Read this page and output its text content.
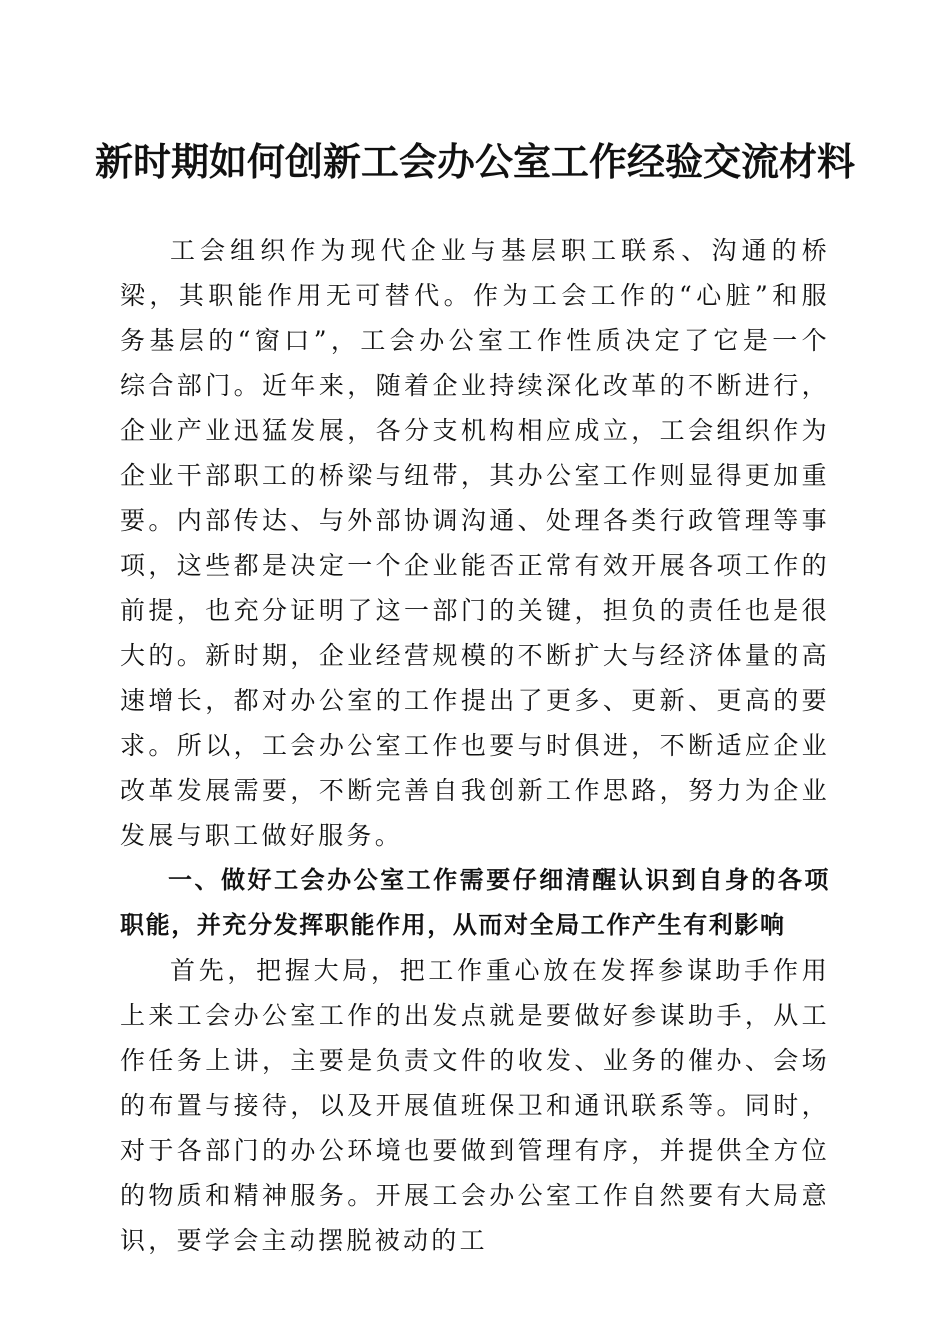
新时期如何创新工会办公室工作经验交流材料

工会组织作为现代企业与基层职工联系、沟通的桥梁，其职能作用无可替代。作为工会工作的“心脏”和服务基层的“窗口”，工会办公室工作性质决定了它是一个综合部门。近年来，随着企业持续深化改革的不断进行，企业产业迅猛发展，各分支机构相应成立，工会组织作为企业干部职工的桥梁与纽带，其办公室工作则显得更加重要。内部传达、与外部协调沟通、处理各类行政管理等事项，这些都是决定一个企业能否正常有效开展各项工作的前提，也充分证明了这一部门的关键，担负的责任也是很大的。新时期，企业经营规模的不断扩大与经济体量的高速增长，都对办公室的工作提出了更多、更新、更高的要求。所以，工会办公室工作也要与时俱进，不断适应企业改革发展需要，不断完善自我创新工作思路，努力为企业发展与职工做好服务。

一、做好工会办公室工作需要仔细清醒认识到自身的各项职能，并充分发挥职能作用，从而对全局工作产生有利影响

首先，把握大局，把工作重心放在发挥参谋助手作用上来工会办公室工作的出发点就是要做好参谋助手，从工作任务上讲，主要是负责文件的收发、业务的催办、会场的布置与接待，以及开展值班保卫和通讯联系等。同时，对于各部门的办公环境也要做到管理有序，并提供全方位的物质和精神服务。开展工会办公室工作自然要有大局意识，要学会主动摆脱被动的工
